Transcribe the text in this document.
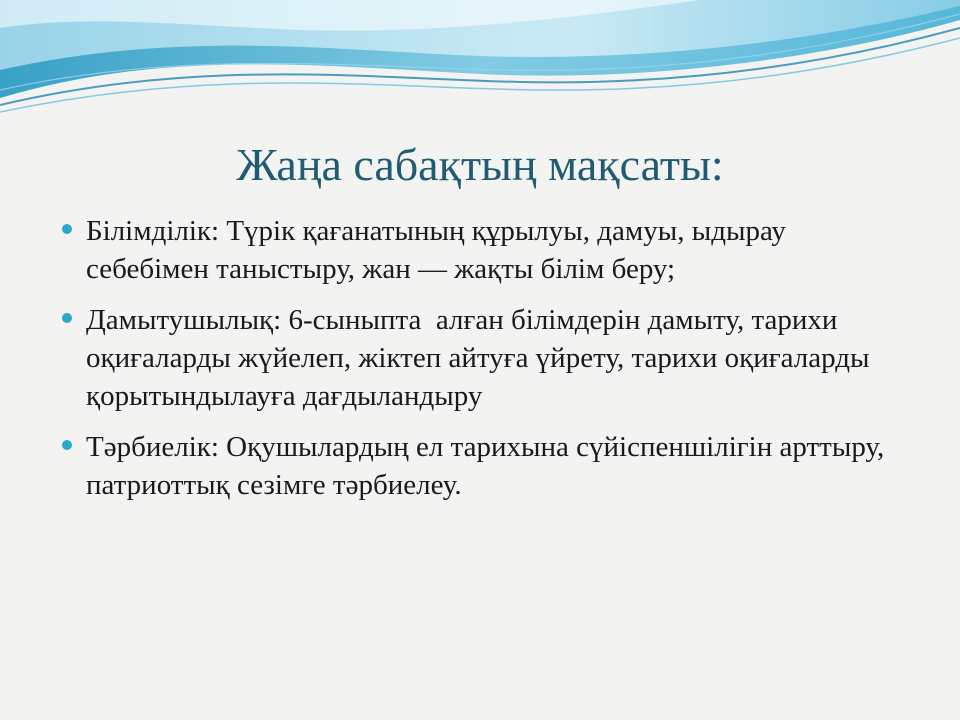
Жаңа сабақтың мақсаты:
Білімділік: Түрік қағанатының құрылуы, дамуы, ыдырау себебімен таныстыру, жан — жақты білім беру;
Дамытушылық: 6-сыныпта  алған білімдерін дамыту, тарихи оқиғаларды жүйелеп, жіктеп айтуға үйрету, тарихи оқиғаларды қорытындылауға дағдыландыру
Тәрбиелік: Оқушылардың ел тарихына сүйіспеншілігін арттыру, патриоттық сезімге тәрбиелеу.
